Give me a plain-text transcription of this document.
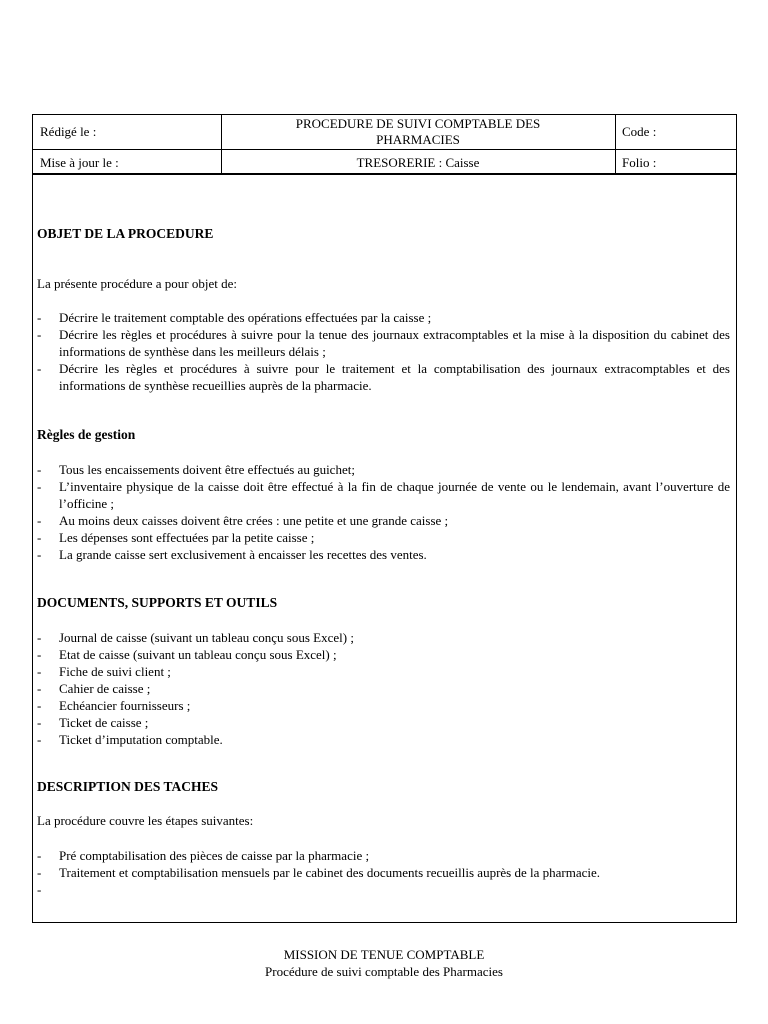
Rédigé le :
PROCEDURE DE SUIVI COMPTABLE DES
PHARMACIES
Code :
Mise à jour le :	TRESORERIE : Caisse	Folio :
OBJET DE LA PROCEDURE
La présente procédure a pour objet de:
- Décrire le traitement comptable des opérations effectuées par la caisse ;
- Décrire les règles et procédures à suivre pour la tenue des journaux extracomptables et la mise à la disposition du cabinet des informations de synthèse dans les meilleurs délais ;
- Décrire les règles et procédures à suivre pour le traitement et la comptabilisation des journaux extracomptables et des informations de synthèse recueillies auprès de la pharmacie.
Règles de gestion
- Tous les encaissements doivent être effectués au guichet;
- L’inventaire physique de la caisse doit être effectué à la fin de chaque journée de vente ou le lendemain, avant l’ouverture de l’officine ;
- Au moins deux caisses doivent être crées : une petite et une grande caisse ;
- Les dépenses sont effectuées par la petite caisse ;
- La grande caisse sert exclusivement à encaisser les recettes des ventes.
DOCUMENTS, SUPPORTS ET OUTILS
- Journal de caisse (suivant un tableau conçu sous Excel) ;
- Etat de caisse (suivant un tableau conçu sous Excel) ;
- Fiche de suivi client ;
- Cahier de caisse ;
- Echéancier fournisseurs ;
- Ticket de caisse ;
- Ticket d’imputation comptable.
DESCRIPTION DES TACHES
La procédure couvre les étapes suivantes:
- Pré comptabilisation des pièces de caisse par la pharmacie ;
- Traitement et comptabilisation mensuels par le cabinet des documents recueillis auprès de la pharmacie.
-

MISSION DE TENUE COMPTABLE
Procédure de suivi comptable des Pharmacies
